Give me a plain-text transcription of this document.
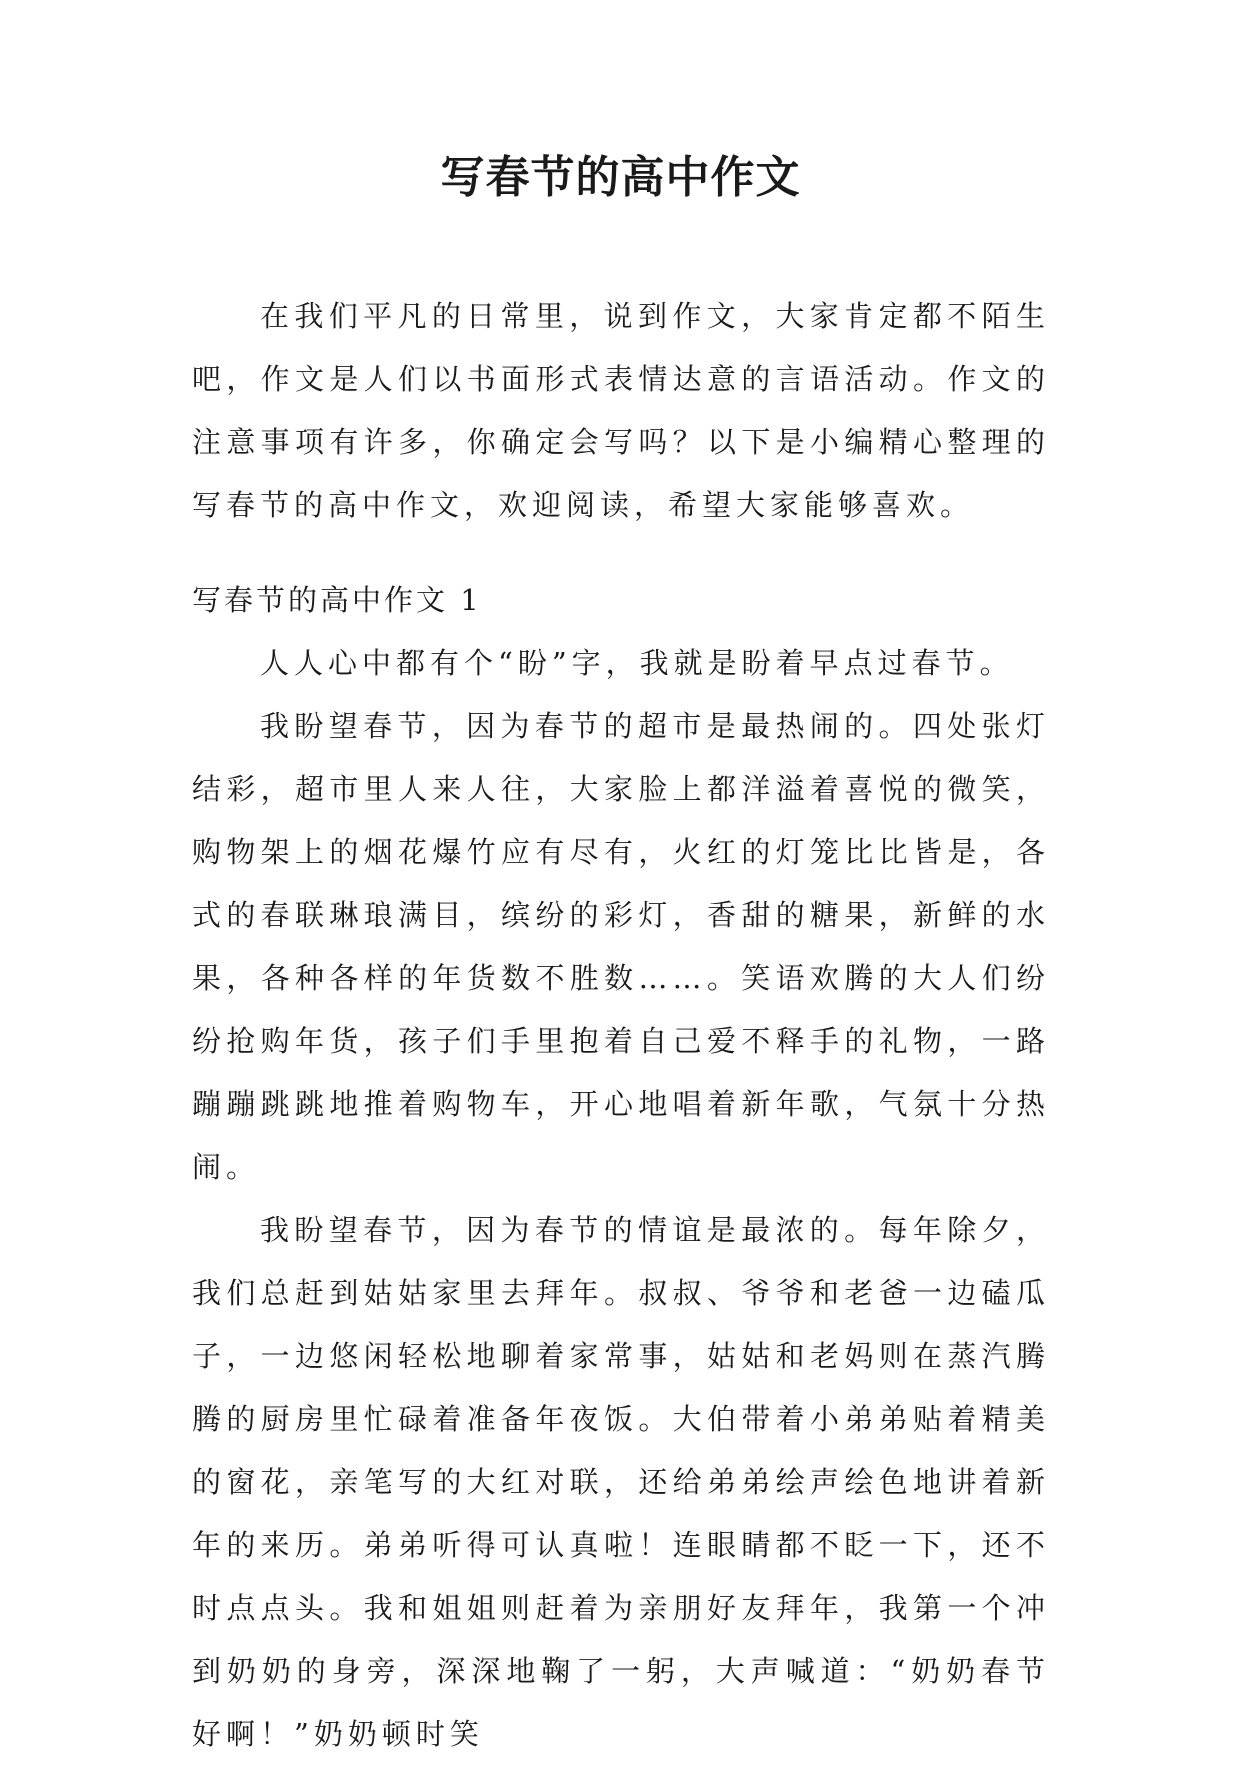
写春节的高中作文

在我们平凡的日常里，说到作文，大家肯定都不陌生吧，作文是人们以书面形式表情达意的言语活动。作文的注意事项有许多，你确定会写吗？以下是小编精心整理的写春节的高中作文，欢迎阅读，希望大家能够喜欢。

写春节的高中作文 1

人人心中都有个“盼”字，我就是盼着早点过春节。

我盼望春节，因为春节的超市是最热闹的。四处张灯结彩，超市里人来人往，大家脸上都洋溢着喜悦的微笑，购物架上的烟花爆竹应有尽有，火红的灯笼比比皆是，各式的春联琳琅满目，缤纷的彩灯，香甜的糖果，新鲜的水果，各种各样的年货数不胜数……。笑语欢腾的大人们纷纷抢购年货，孩子们手里抱着自己爱不释手的礼物，一路蹦蹦跳跳地推着购物车，开心地唱着新年歌，气氛十分热闹。

我盼望春节，因为春节的情谊是最浓的。每年除夕，我们总赶到姑姑家里去拜年。叔叔、爷爷和老爸一边磕瓜子，一边悠闲轻松地聊着家常事，姑姑和老妈则在蒸汽腾腾的厨房里忙碌着准备年夜饭。大伯带着小弟弟贴着精美的窗花，亲笔写的大红对联，还给弟弟绘声绘色地讲着新年的来历。弟弟听得可认真啦！连眼睛都不眨一下，还不时点点头。我和姐姐则赶着为亲朋好友拜年，我第一个冲到奶奶的身旁，深深地鞠了一躬，大声喊道：“奶奶春节好啊！”奶奶顿时笑
